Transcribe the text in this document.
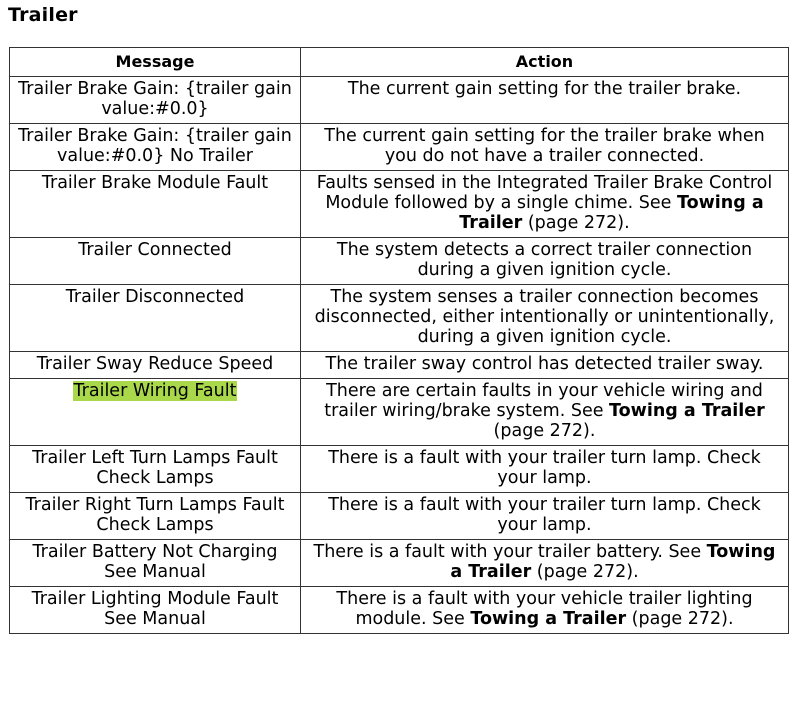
Trailer
Message	Action
Trailer Brake Gain: {trailer gain value:#0.0}	The current gain setting for the trailer brake.
Trailer Brake Gain: {trailer gain value:#0.0} No Trailer	The current gain setting for the trailer brake when you do not have a trailer connected.
Trailer Brake Module Fault	Faults sensed in the Integrated Trailer Brake Control Module followed by a single chime. See Towing a Trailer (page 272).
Trailer Connected	The system detects a correct trailer connection during a given ignition cycle.
Trailer Disconnected	The system senses a trailer connection becomes disconnected, either intentionally or unintentionally, during a given ignition cycle.
Trailer Sway Reduce Speed	The trailer sway control has detected trailer sway.
Trailer Wiring Fault	There are certain faults in your vehicle wiring and trailer wiring/brake system. See Towing a Trailer (page 272).
Trailer Left Turn Lamps Fault Check Lamps	There is a fault with your trailer turn lamp. Check your lamp.
Trailer Right Turn Lamps Fault Check Lamps	There is a fault with your trailer turn lamp. Check your lamp.
Trailer Battery Not Charging See Manual	There is a fault with your trailer battery. See Towing a Trailer (page 272).
Trailer Lighting Module Fault See Manual	There is a fault with your vehicle trailer lighting module. See Towing a Trailer (page 272).
